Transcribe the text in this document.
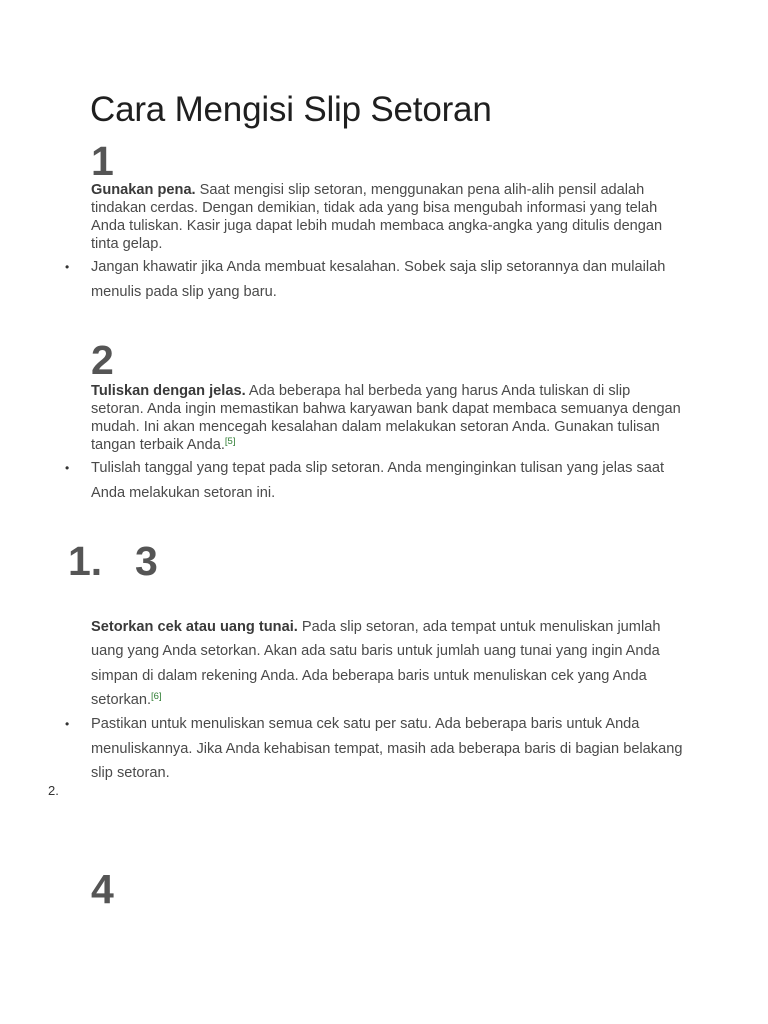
Cara Mengisi Slip Setoran
1

Gunakan pena. Saat mengisi slip setoran, menggunakan pena alih-alih pensil adalah tindakan cerdas. Dengan demikian, tidak ada yang bisa mengubah informasi yang telah Anda tuliskan. Kasir juga dapat lebih mudah membaca angka-angka yang ditulis dengan tinta gelap.

• Jangan khawatir jika Anda membuat kesalahan. Sobek saja slip setorannya dan mulailah menulis pada slip yang baru.
2

Tuliskan dengan jelas. Ada beberapa hal berbeda yang harus Anda tuliskan di slip setoran. Anda ingin memastikan bahwa karyawan bank dapat membaca semuanya dengan mudah. Ini akan mencegah kesalahan dalam melakukan setoran Anda. Gunakan tulisan tangan terbaik Anda.[5]

• Tulislah tanggal yang tepat pada slip setoran. Anda menginginkan tulisan yang jelas saat Anda melakukan setoran ini.
1. 3

Setorkan cek atau uang tunai. Pada slip setoran, ada tempat untuk menuliskan jumlah uang yang Anda setorkan. Akan ada satu baris untuk jumlah uang tunai yang ingin Anda simpan di dalam rekening Anda. Ada beberapa baris untuk menuliskan cek yang Anda setorkan.[6]

• Pastikan untuk menuliskan semua cek satu per satu. Ada beberapa baris untuk Anda menuliskannya. Jika Anda kehabisan tempat, masih ada beberapa baris di bagian belakang slip setoran.
2.
4
